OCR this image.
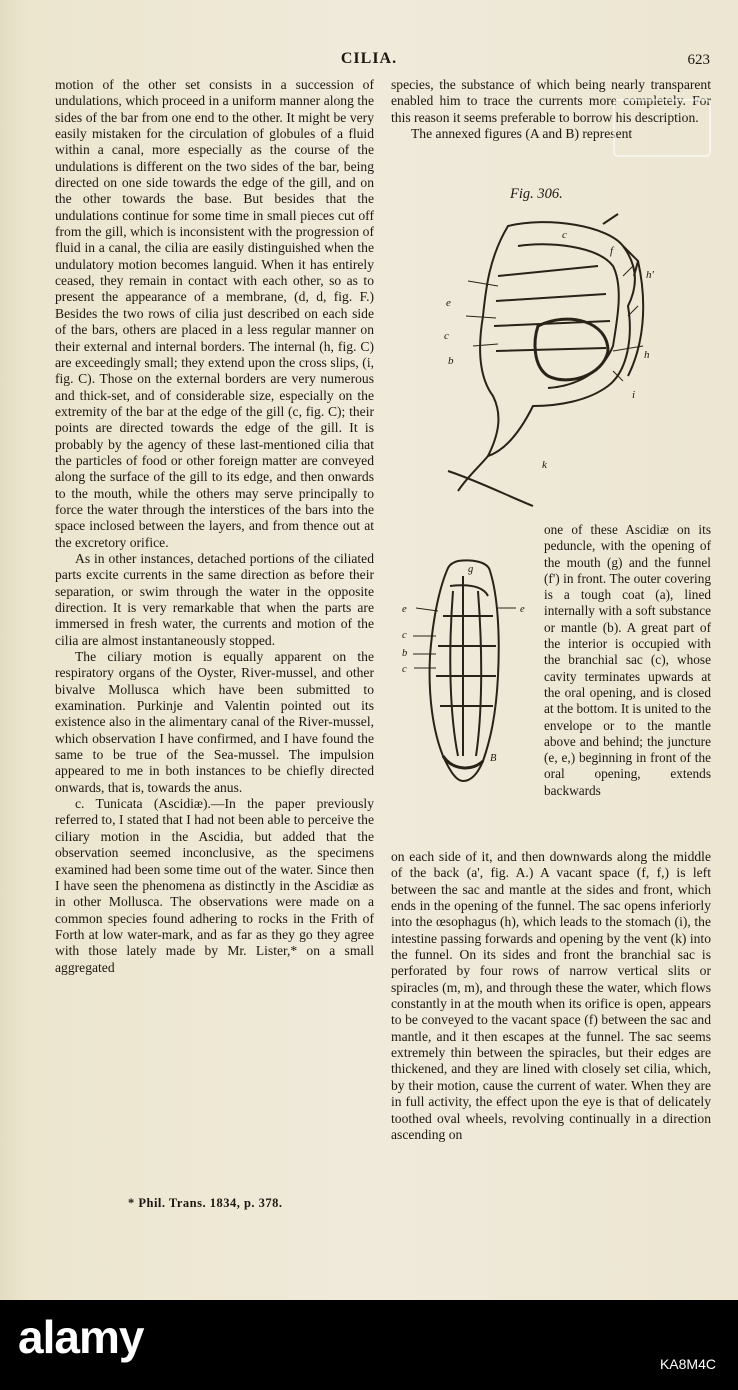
CILIA.	623

motion of the other set consists in a succession of undulations, which proceed in a uniform manner along the sides of the bar from one end to the other. It might be very easily mistaken for the circulation of globules of a fluid within a canal, more especially as the course of the undulations is different on the two sides of the bar, being directed on one side towards the edge of the gill, and on the other towards the base. But besides that the undulations continue for some time in small pieces cut off from the gill, which is inconsistent with the progression of fluid in a canal, the cilia are easily distinguished when the undulatory motion becomes languid. When it has entirely ceased, they remain in contact with each other, so as to present the appearance of a membrane, (d, d, fig. F.) Besides the two rows of cilia just described on each side of the bars, others are placed in a less regular manner on their external and internal borders. The internal (h, fig. C) are exceedingly small; they extend upon the cross slips, (i, fig. C). Those on the external borders are very numerous and thick-set, and of considerable size, especially on the extremity of the bar at the edge of the gill (c, fig. C); their points are directed towards the edge of the gill. It is probably by the agency of these last-mentioned cilia that the particles of food or other foreign matter are conveyed along the surface of the gill to its edge, and then onwards to the mouth, while the others may serve principally to force the water through the interstices of the bars into the space inclosed between the layers, and from thence out at the excretory orifice.

As in other instances, detached portions of the ciliated parts excite currents in the same direction as before their separation, or swim through the water in the opposite direction. It is very remarkable that when the parts are immersed in fresh water, the currents and motion of the cilia are almost instantaneously stopped.

The ciliary motion is equally apparent on the respiratory organs of the Oyster, River-mussel, and other bivalve Mollusca which have been submitted to examination. Purkinje and Valentin pointed out its existence also in the alimentary canal of the River-mussel, which observation I have confirmed, and I have found the same to be true of the Sea-mussel. The impulsion appeared to me in both instances to be chiefly directed onwards, that is, towards the anus.

c. Tunicata (Ascidiæ).—In the paper previously referred to, I stated that I had not been able to perceive the ciliary motion in the Ascidia, but added that the observation seemed inconclusive, as the specimens examined had been some time out of the water. Since then I have seen the phenomena as distinctly in the Ascidiæ as in other Mollusca. The observations were made on a common species found adhering to rocks in the Frith of Forth at low water-mark, and as far as they go they agree with those lately made by Mr. Lister,* on a small aggregated

species, the substance of which being nearly transparent enabled him to trace the currents more completely. For this reason it seems preferable to borrow his description.

The annexed figures (A and B) represent

Fig. 306.
e
c
b
c
f
h'
h
i
k
e
c
b
c
e
g
B

one of these Ascidiæ on its peduncle, with the opening of the mouth (g) and the funnel (f') in front. The outer covering is a tough coat (a), lined internally with a soft substance or mantle (b). A great part of the interior is occupied with the branchial sac (c), whose cavity terminates upwards at the oral opening, and is closed at the bottom. It is united to the envelope or to the mantle above and behind; the juncture (e, e,) beginning in front of the oral opening, extends backwards

on each side of it, and then downwards along the middle of the back (a', fig. A.) A vacant space (f, f,) is left between the sac and mantle at the sides and front, which ends in the opening of the funnel. The sac opens inferiorly into the œsophagus (h), which leads to the stomach (i), the intestine passing forwards and opening by the vent (k) into the funnel. On its sides and front the branchial sac is perforated by four rows of narrow vertical slits or spiracles (m, m), and through these the water, which flows constantly in at the mouth when its orifice is open, appears to be conveyed to the vacant space (f) between the sac and mantle, and it then escapes at the funnel. The sac seems extremely thin between the spiracles, but their edges are thickened, and they are lined with closely set cilia, which, by their motion, cause the current of water. When they are in full activity, the effect upon the eye is that of delicately toothed oval wheels, revolving continually in a direction ascending on

* Phil. Trans. 1834, p. 378.
alamy
KA8M4C
